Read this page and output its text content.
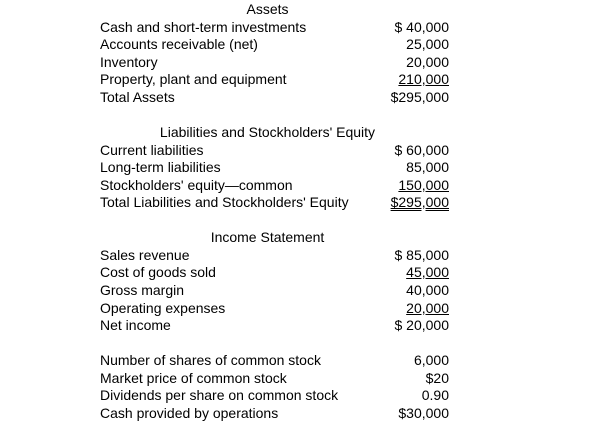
Assets
Cash and short-term investments	$ 40,000
Accounts receivable (net)	25,000
Inventory	20,000
Property, plant and equipment	210,000
Total Assets	$295,000
Liabilities and Stockholders' Equity
Current liabilities	$ 60,000
Long-term liabilities	85,000
Stockholders' equity—common	150,000
Total Liabilities and Stockholders' Equity	$295,000
Income Statement
Sales revenue	$ 85,000
Cost of goods sold	45,000
Gross margin	40,000
Operating expenses	20,000
Net income	$ 20,000
Number of shares of common stock	6,000
Market price of common stock	$20
Dividends per share on common stock	0.90
Cash provided by operations	$30,000
